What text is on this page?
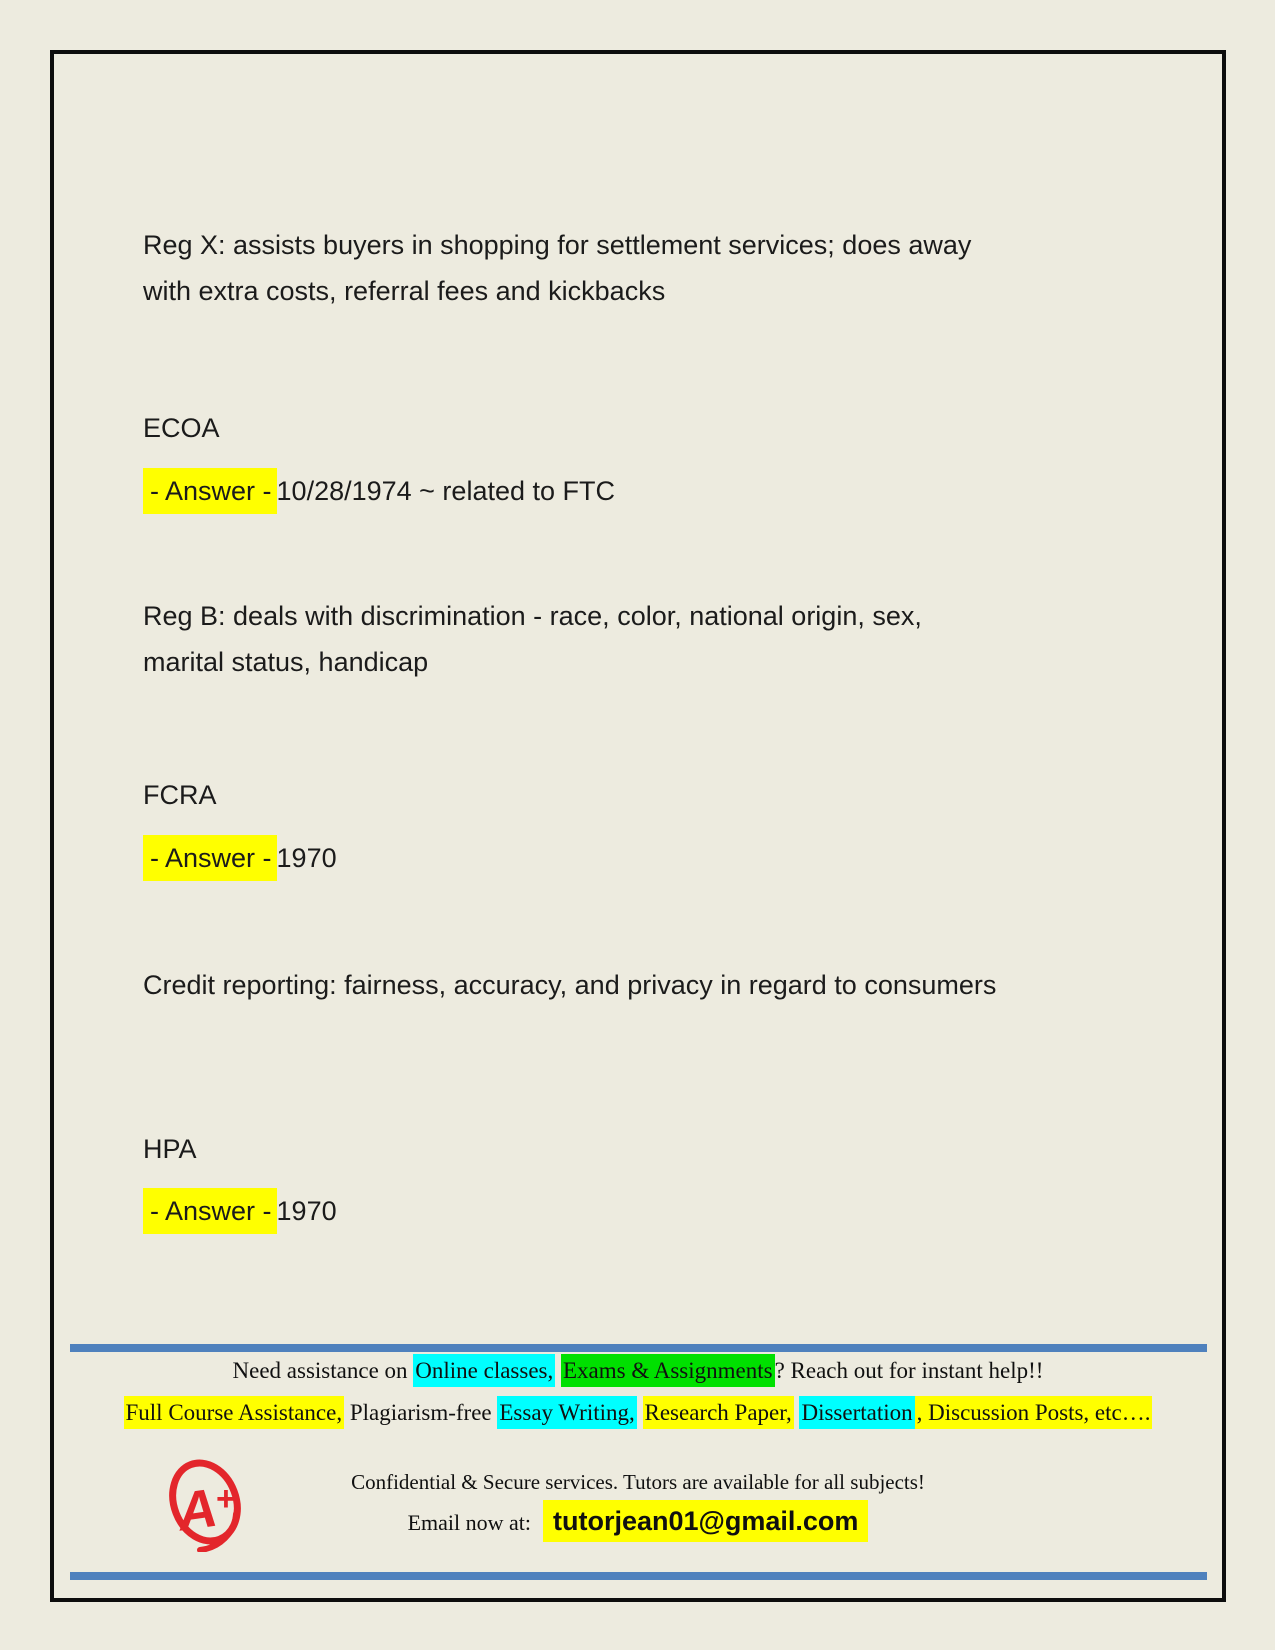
Reg X: assists buyers in shopping for settlement services; does away
with extra costs, referral fees and kickbacks
ECOA
- Answer - 10/28/1974 ~ related to FTC
Reg B: deals with discrimination - race, color, national origin, sex,
marital status, handicap
FCRA
- Answer - 1970
Credit reporting: fairness, accuracy, and privacy in regard to consumers
HPA
- Answer - 1970
Need assistance on Online classes, Exams & Assignments? Reach out for instant help!!
Full Course Assistance, Plagiarism-free Essay Writing, Research Paper, Dissertation , Discussion Posts, etc….
A
+	Confidential & Secure services. Tutors are available for all subjects!
Email now at: tutorjean01@gmail.com
